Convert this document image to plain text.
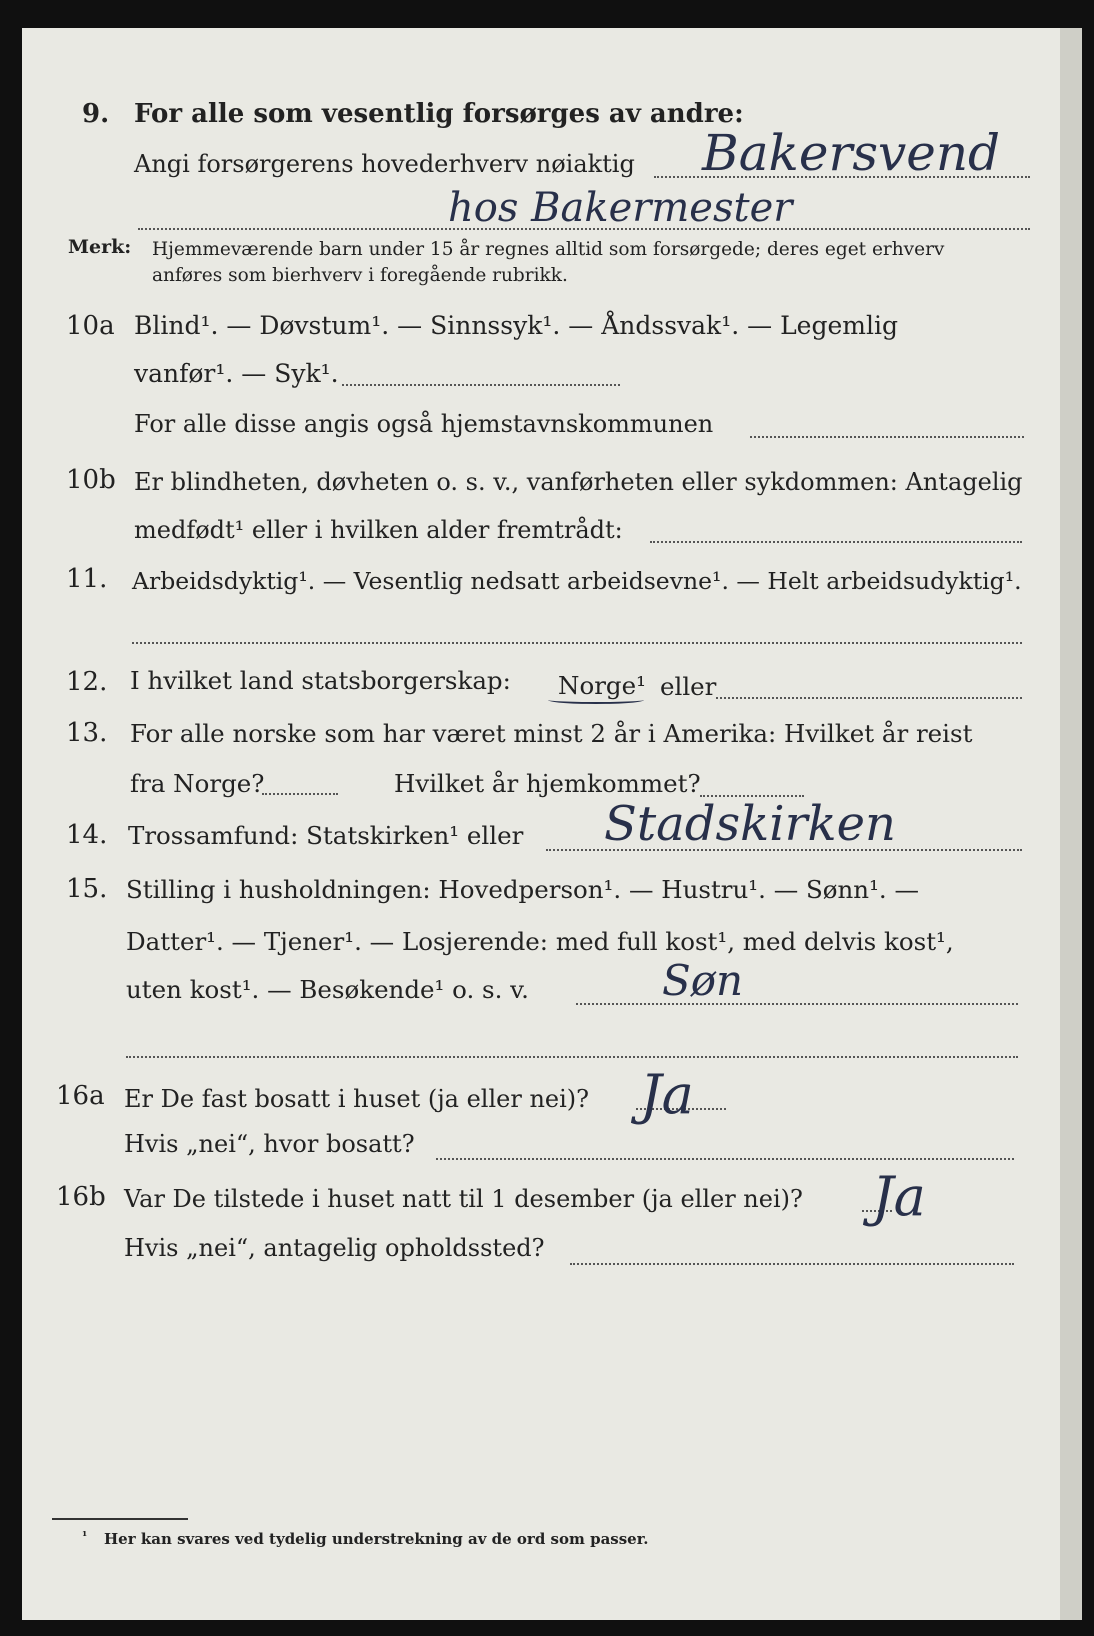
9. For alle som vesentlig forsørges av andre:
Angi forsørgerens hovederhverv nøiaktig Bakersvend
hos Bakermester
Merk: Hjemmeværende barn under 15 år regnes alltid som forsørgede; deres eget erhverv
anføres som bierhverv i foregående rubrikk.
10a Blind¹. — Døvstum¹. — Sinnssyk¹. — Åndssvak¹. — Legemlig
vanfør¹. — Syk¹.
For alle disse angis også hjemstavnskommunen
10b Er blindheten, døvheten o. s. v., vanførheten eller sykdommen: Antagelig
medfødt¹ eller i hvilken alder fremtrådt:
11. Arbeidsdyktig¹. — Vesentlig nedsatt arbeidsevne¹. — Helt arbeidsudyktig¹.
12. I hvilket land statsborgerskap: Norge¹ eller
13. For alle norske som har været minst 2 år i Amerika: Hvilket år reist
fra Norge?	Hvilket år hjemkommet?
14. Trossamfund: Statskirken¹ eller Stadskirken
15. Stilling i husholdningen: Hovedperson¹. — Hustru¹. — Sønn¹. —
Datter¹. — Tjener¹. — Losjerende: med full kost¹, med delvis kost¹,
uten kost¹. — Besøkende¹ o. s. v.	Søn
16a Er De fast bosatt i huset (ja eller nei)? Ja
Hvis „nei“, hvor bosatt?
16b Var De tilstede i huset natt til 1 desember (ja eller nei)? Ja
Hvis „nei“, antagelig opholdssted?
¹ Her kan svares ved tydelig understrekning av de ord som passer.
